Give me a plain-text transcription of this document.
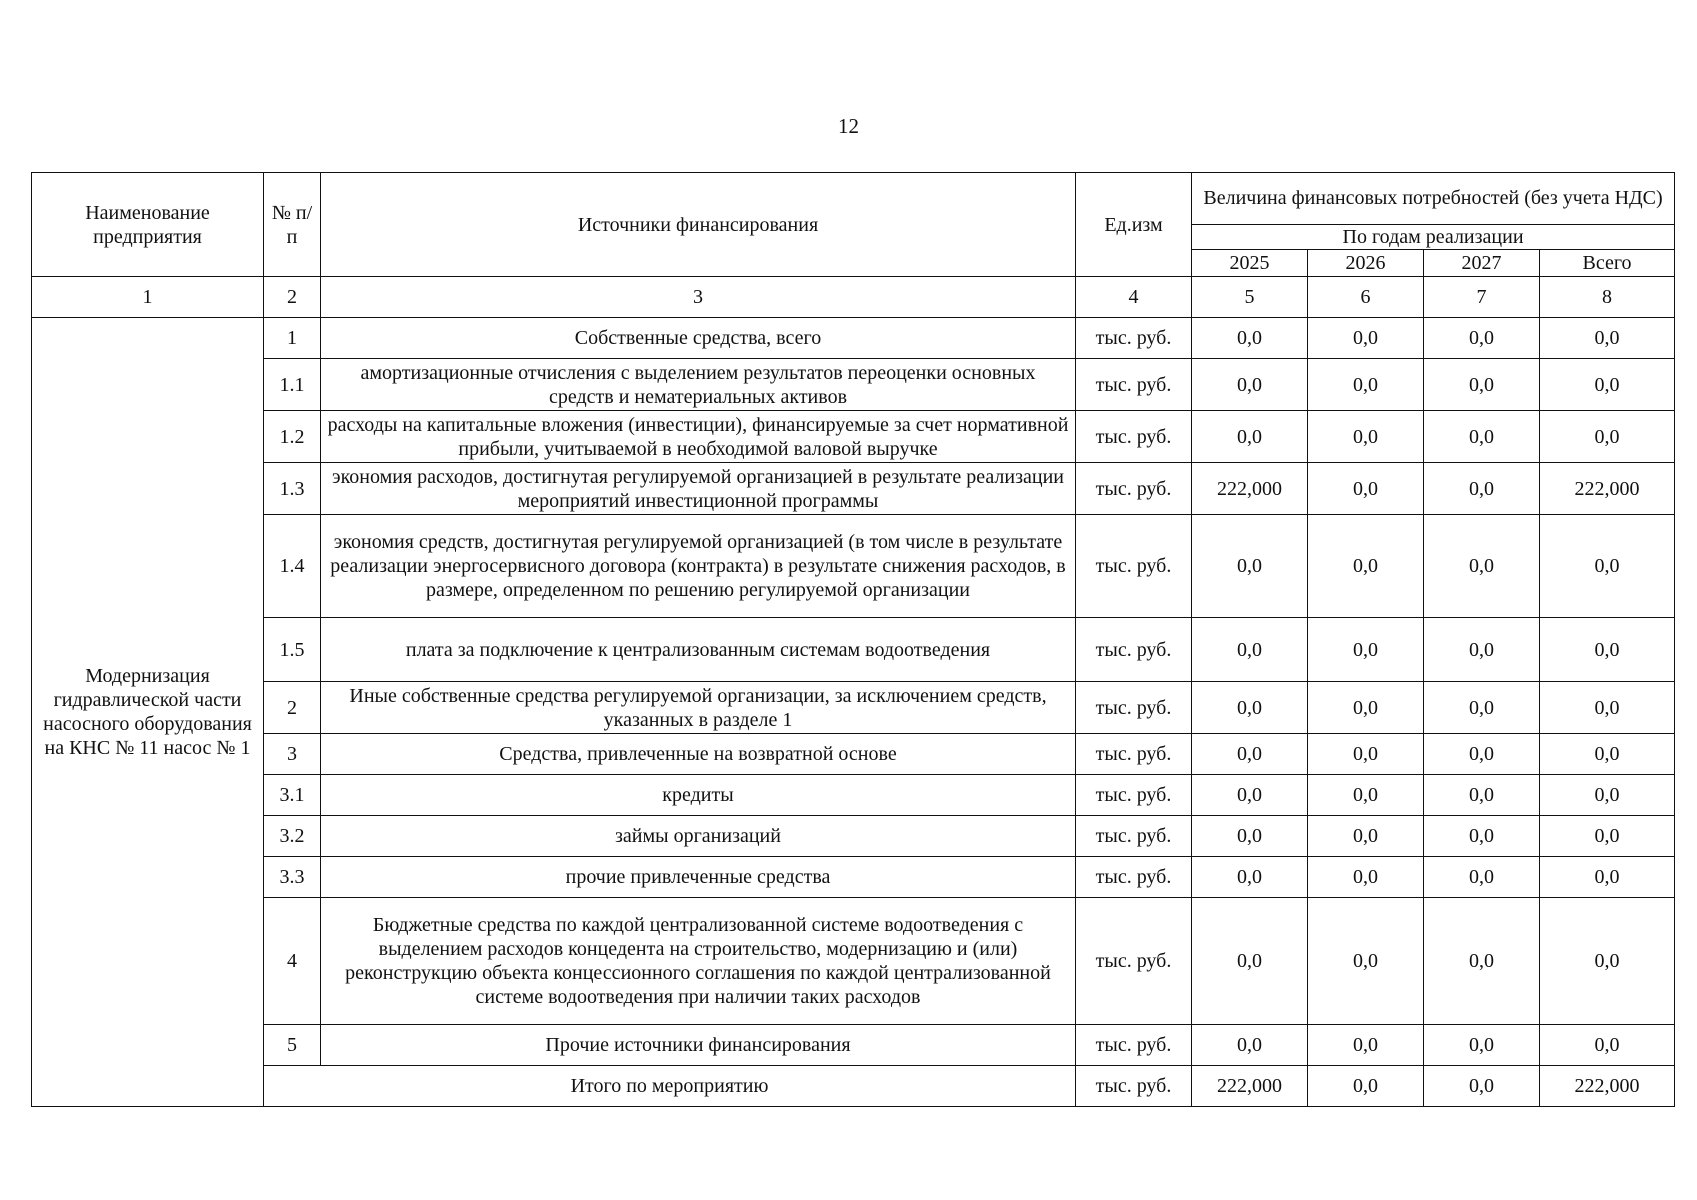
12
Наименование предприятия	№ п/п	Источники финансирования	Ед.изм	Величина финансовых потребностей (без учета НДС)			
				По годам реализации			
				2025	2026	2027	Всего
1	2	3	4	5	6	7	8
Модернизация гидравлической части насосного оборудования на КНС № 11 насос № 1	1	Собственные средства, всего	тыс. руб.	0,0	0,0	0,0	0,0
	1.1	амортизационные отчисления с выделением результатов переоценки основных средств и нематериальных активов	тыс. руб.	0,0	0,0	0,0	0,0
	1.2	расходы на капитальные вложения (инвестиции), финансируемые за счет нормативной прибыли, учитываемой в необходимой валовой выручке	тыс. руб.	0,0	0,0	0,0	0,0
	1.3	экономия расходов, достигнутая регулируемой организацией в результате реализации мероприятий инвестиционной программы	тыс. руб.	222,000	0,0	0,0	222,000
	1.4	экономия средств, достигнутая регулируемой организацией (в том числе в результате реализации энергосервисного договора (контракта) в результате снижения расходов, в размере, определенном по решению регулируемой организации	тыс. руб.	0,0	0,0	0,0	0,0
	1.5	плата за подключение к централизованным системам водоотведения	тыс. руб.	0,0	0,0	0,0	0,0
	2	Иные собственные средства регулируемой организации, за исключением средств, указанных в разделе 1	тыс. руб.	0,0	0,0	0,0	0,0
	3	Средства, привлеченные на возвратной основе	тыс. руб.	0,0	0,0	0,0	0,0
	3.1	кредиты	тыс. руб.	0,0	0,0	0,0	0,0
	3.2	займы организаций	тыс. руб.	0,0	0,0	0,0	0,0
	3.3	прочие привлеченные средства	тыс. руб.	0,0	0,0	0,0	0,0
	4	Бюджетные средства по каждой централизованной системе водоотведения с выделением расходов концедента на строительство, модернизацию и (или) реконструкцию объекта концессионного соглашения по каждой централизованной системе водоотведения при наличии таких расходов	тыс. руб.	0,0	0,0	0,0	0,0
	5	Прочие источники финансирования	тыс. руб.	0,0	0,0	0,0	0,0
	Итого по мероприятию		тыс. руб.	222,000	0,0	0,0	222,000
